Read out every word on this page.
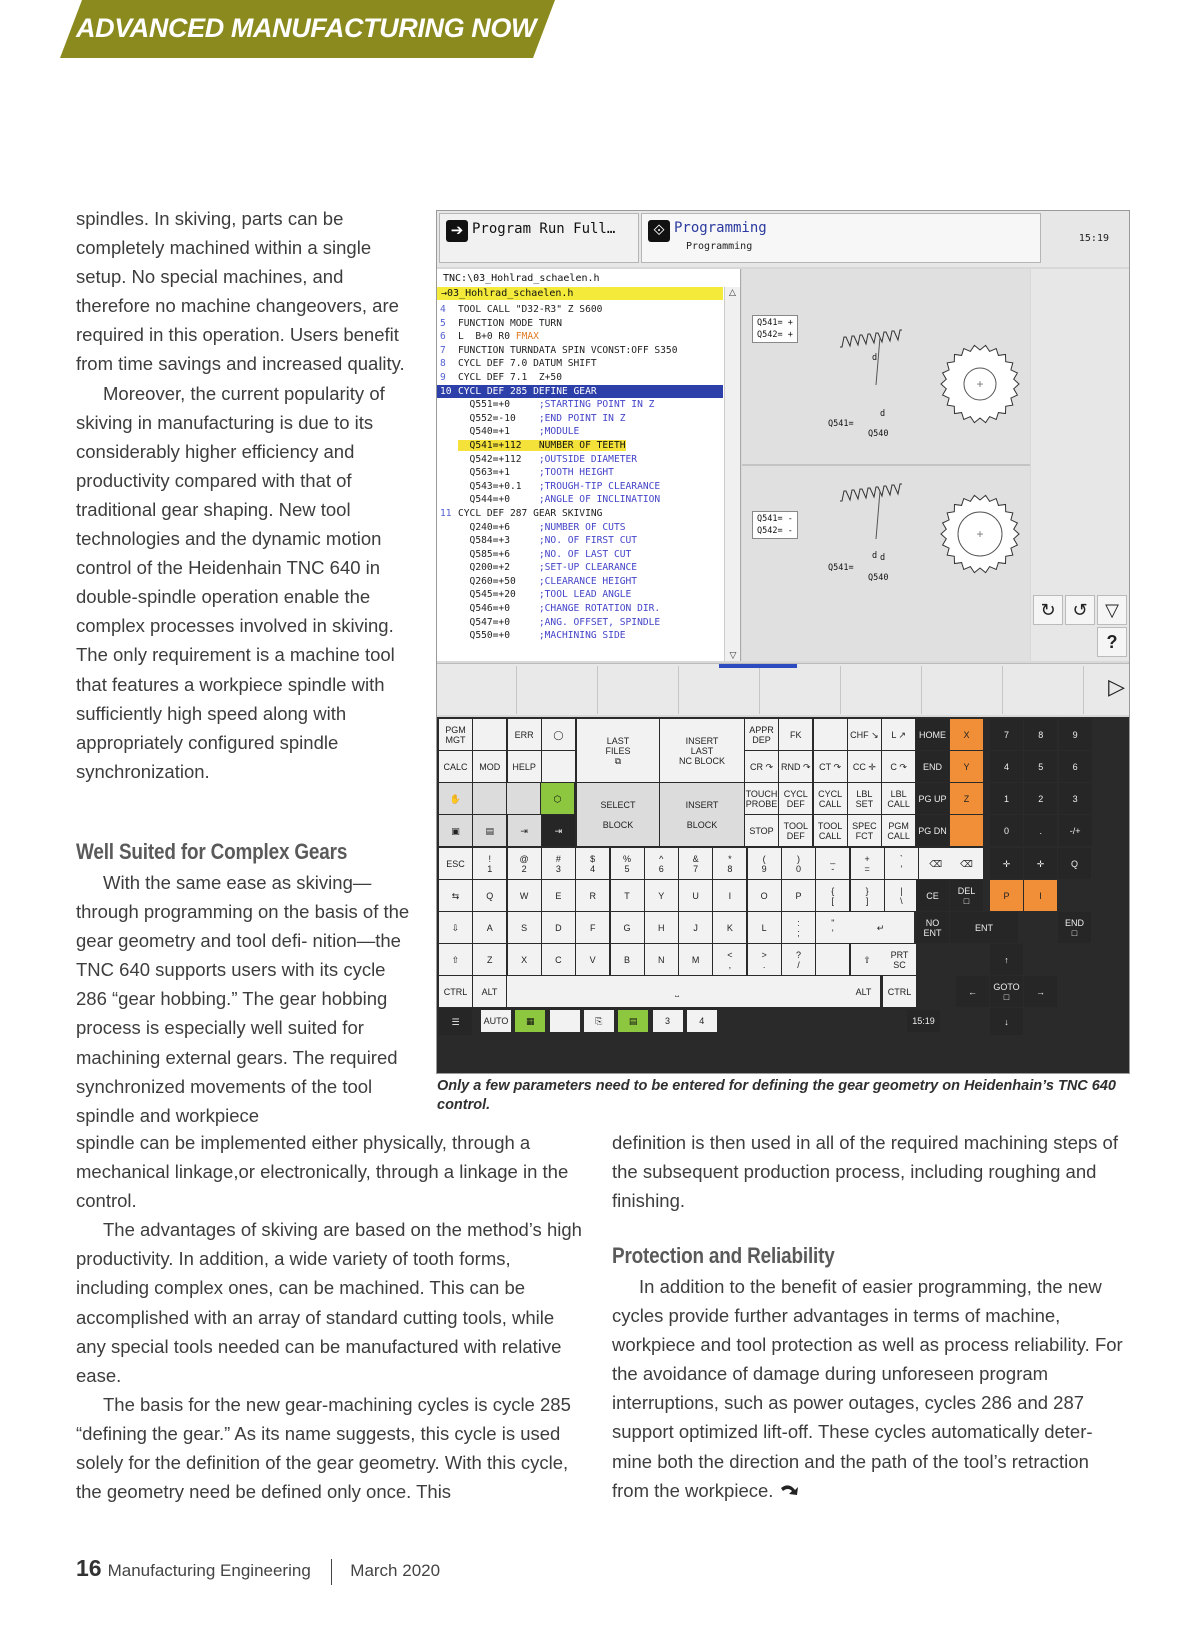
ADVANCED MANUFACTURING NOW

spindles. In skiving, parts can be completely machined within a single setup. No special machines, and therefore no machine changeovers, are required in this operation. Users benefit from time savings and increased quality.

Moreover, the current popularity of skiving in manufacturing is due to its considerably higher efficiency and productivity compared with that of traditional gear shaping. New tool technologies and the dynamic motion control of the Heidenhain TNC 640 in double-spindle operation enable the complex processes involved in skiving. The only requirement is a machine tool that features a workpiece spindle with sufficiently high speed along with appropriately configured spindle synchronization.

Well Suited for Complex Gears

With the same ease as skiving— through programming on the basis of the gear geometry and tool defi- nition—the TNC 640 supports users with its cycle 286 “gear hobbing.” The gear hobbing process is especially well suited for machining external gears. The required synchronized movements of the tool spindle and workpiece

spindle can be implemented either physically, through a mechanical linkage,or electronically, through a linkage in the control.

The advantages of skiving are based on the method’s high productivity. In addition, a wide variety of tooth forms, including complex ones, can be machined. This can be accomplished with an array of standard cutting tools, while any special tools needed can be manufactured with relative ease.

The basis for the new gear-machining cycles is cycle 285 “defining the gear.” As its name suggests, this cycle is used solely for the definition of the gear geometry. With this cycle, the geometry need be defined only once. This

definition is then used in all of the required machining steps of the subsequent production process, including roughing and finishing.

Protection and Reliability

In addition to the benefit of easier programming, the new cycles provide further advantages in terms of machine, workpiece and tool protection as well as process reliability. For the avoidance of damage during unforeseen program interruptions, such as power outages, cycles 286 and 287 support optimized lift-off. These cycles automatically deter- mine both the direction and the path of the tool’s retraction from the workpiece.

Only a few parameters need to be entered for defining the gear geometry on Heidenhain’s TNC 640 control.
16 Manufacturing Engineering March 2020
➔ Program Run Full…	⟐ Programming
Programming
15:19
TNC:\03_Hohlrad_schaelen.h
→03_Hohlrad_schaelen.h
4 TOOL CALL "D32-R3" Z S600
5 FUNCTION MODE TURN
6 L  B+0 R0 FMAX
7 FUNCTION TURNDATA SPIN VCONST:OFF S350
8 CYCL DEF 7.0 DATUM SHIFT
9 CYCL DEF 7.1  Z+50
10 CYCL DEF 285 DEFINE GEAR
Q551=+0     ;STARTING POINT IN Z
Q552=-10    ;END POINT IN Z
Q540=+1     ;MODULE
Q541=+112   NUMBER OF TEETH
Q542=+112   ;OUTSIDE DIAMETER
Q563=+1     ;TOOTH HEIGHT
Q543=+0.1   ;TROUGH-TIP CLEARANCE
Q544=+0     ;ANGLE OF INCLINATION
11 CYCL DEF 287 GEAR SKIVING
Q240=+6     ;NUMBER OF CUTS
Q584=+3     ;NO. OF FIRST CUT
Q585=+6     ;NO. OF LAST CUT
Q200=+2     ;SET-UP CLEARANCE
Q260=+50    ;CLEARANCE HEIGHT
Q545=+20    ;TOOL LEAD ANGLE
Q546=+0     ;CHANGE ROTATION DIR.
Q547=+0     ;ANG. OFFSET, SPINDLE
Q550=+0     ;MACHINING SIDE
△
▽
Q541= +
Q542= +
+
+
d
d
Q541=
Q540
Q541= -
Q542= -
d d
Q541=
Q540
↻ ↺ ▽
?
▷
PGM
MGT	ERR	◯
CALC	MOD	HELP
LAST
FILES
⧉
INSERT
LAST
NC BLOCK
APPR
DEP	FK	CHF ↘	L ↗
CR ↷ RND ↷ CT ↷	CC ✛	C ↷
HOME
END
PG UP
PG DN
X
Y
Z
7	8	9
4	5	6
1	2	3
0	.	-/+
✋	⬡
▣	▤	⇥	⇥
SELECT

BLOCK
INSERT

BLOCK
TOUCH
PROBE
CYCL
DEF
CYCL
CALL
LBL
SET
LBL
CALL
STOP	TOOL
DEF
TOOL
CALL
SPEC
FCT
PGM
CALL
ESC	!
1
@
2
#
3
$
4
%
5
^
6
&
7
*
8
(
9
)
0
_
-
+
=
`
'	⌫	⌫	✛	✛	Q
⇆	Q	W	E	R	T	Y	U	I	O	P	{
[
}
]
|
\	CE	DEL
□	P	I
⇩	A	S	D	F	G	H	J	K	L	:
;
"
'	↵	NO
ENT	ENT	END
□
⇧	Z	X	C	V	B	N	M	<
,
>
.
?
/	⇧	PRT
SC	↑
CTRL	ALT	⎵	ALT	CTRL	←	GOTO
□	→
☰	AUTO	▦	⎘	▤	3	4	15:19	↓
